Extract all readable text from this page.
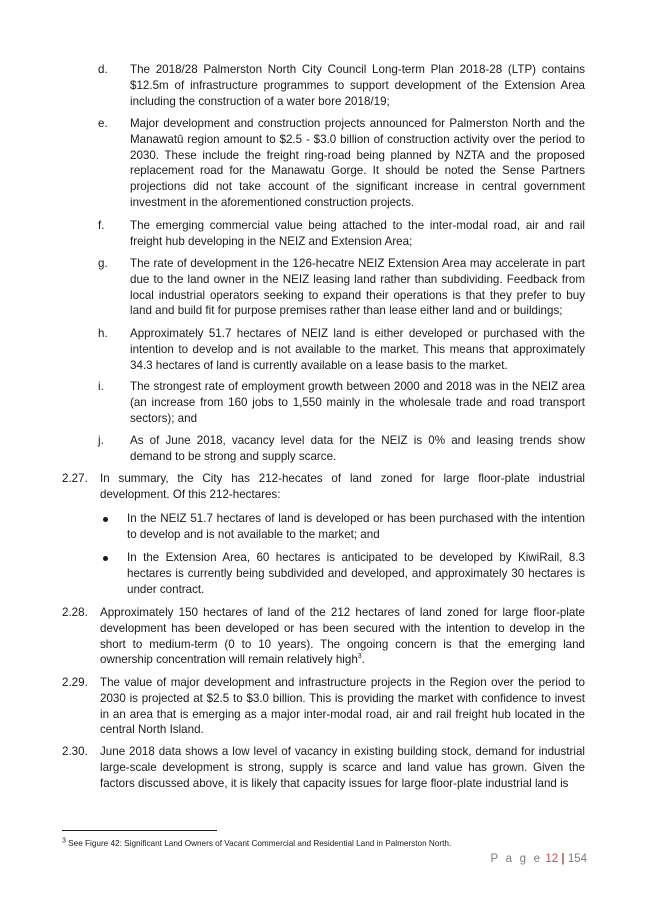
d. The 2018/28 Palmerston North City Council Long-term Plan 2018-28 (LTP) contains $12.5m of infrastructure programmes to support development of the Extension Area including the construction of a water bore 2018/19;
e. Major development and construction projects announced for Palmerston North and the Manawatū region amount to $2.5 - $3.0 billion of construction activity over the period to 2030. These include the freight ring-road being planned by NZTA and the proposed replacement road for the Manawatu Gorge. It should be noted the Sense Partners projections did not take account of the significant increase in central government investment in the aforementioned construction projects.
f. The emerging commercial value being attached to the inter-modal road, air and rail freight hub developing in the NEIZ and Extension Area;
g. The rate of development in the 126-hecatre NEIZ Extension Area may accelerate in part due to the land owner in the NEIZ leasing land rather than subdividing. Feedback from local industrial operators seeking to expand their operations is that they prefer to buy land and build fit for purpose premises rather than lease either land and or buildings;
h. Approximately 51.7 hectares of NEIZ land is either developed or purchased with the intention to develop and is not available to the market. This means that approximately 34.3 hectares of land is currently available on a lease basis to the market.
i. The strongest rate of employment growth between 2000 and 2018 was in the NEIZ area (an increase from 160 jobs to 1,550 mainly in the wholesale trade and road transport sectors); and
j. As of June 2018, vacancy level data for the NEIZ is 0% and leasing trends show demand to be strong and supply scarce.
2.27. In summary, the City has 212-hecates of land zoned for large floor-plate industrial development. Of this 212-hectares:
In the NEIZ 51.7 hectares of land is developed or has been purchased with the intention to develop and is not available to the market; and
In the Extension Area, 60 hectares is anticipated to be developed by KiwiRail, 8.3 hectares is currently being subdivided and developed, and approximately 30 hectares is under contract.
2.28. Approximately 150 hectares of land of the 212 hectares of land zoned for large floor-plate development has been developed or has been secured with the intention to develop in the short to medium-term (0 to 10 years). The ongoing concern is that the emerging land ownership concentration will remain relatively high$^3$.
2.29. The value of major development and infrastructure projects in the Region over the period to 2030 is projected at $2.5 to $3.0 billion. This is providing the market with confidence to invest in an area that is emerging as a major inter-modal road, air and rail freight hub located in the central North Island.
2.30. June 2018 data shows a low level of vacancy in existing building stock, demand for industrial large-scale development is strong, supply is scarce and land value has grown. Given the factors discussed above, it is likely that capacity issues for large floor-plate industrial land is
$^3$ See Figure 42: Significant Land Owners of Vacant Commercial and Residential Land in Palmerston North.
P a g e 12 | 154
